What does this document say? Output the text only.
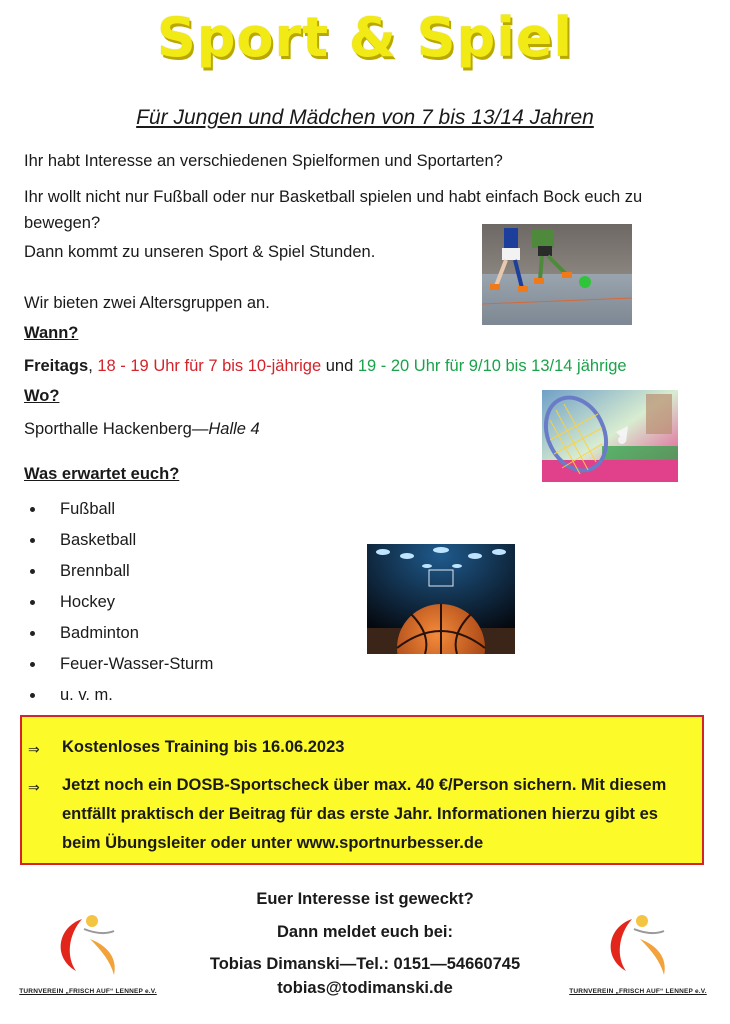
Sport & Spiel
Für Jungen und Mädchen von 7 bis 13/14 Jahren
Ihr habt Interesse an verschiedenen Spielformen und Sportarten?
Ihr wollt nicht nur Fußball oder nur Basketball spielen und habt einfach Bock euch zu
bewegen?
Dann kommt zu unseren Sport & Spiel Stunden.
Wir bieten zwei Altersgruppen an.
Wann?
Freitags, 18 - 19 Uhr für 7 bis 10-jährige und 19 - 20 Uhr für 9/10 bis 13/14 jährige
Wo?
Sporthalle Hackenberg—Halle 4
Was erwartet euch?
Fußball
Basketball
Brennball
Hockey
Badminton
Feuer-Wasser-Sturm
u. v. m.
⇒ Kostenloses Training bis 16.06.2023
⇒ Jetzt noch ein DOSB-Sportscheck über max. 40 €/Person sichern. Mit diesem
entfällt praktisch der Beitrag für das erste Jahr. Informationen hierzu gibt es
beim Übungsleiter oder unter www.sportnurbesser.de
Euer Interesse ist geweckt?
Dann meldet euch bei:
Tobias Dimanski—Tel.: 0151—54660745
tobias@todimanski.de
TURNVEREIN „FRISCH AUF“ LENNEP e.V.	TURNVEREIN „FRISCH AUF“ LENNEP e.V.
